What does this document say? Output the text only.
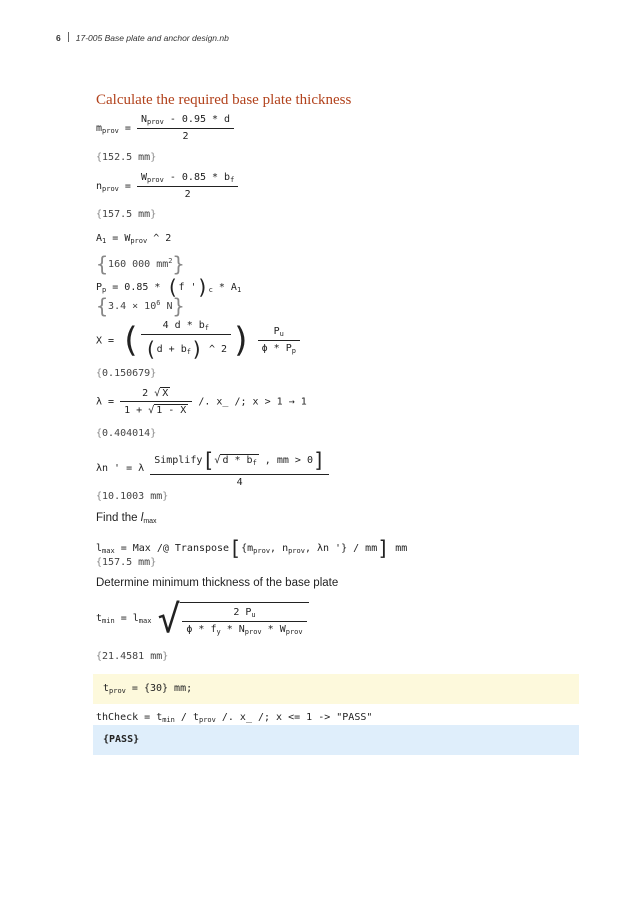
6 17-005 Base plate and anchor design.nb
Calculate the required base plate thickness
$m_{prov} = \frac{N_{prov} - 0.95 * d}{2}$
{152.5 mm}
$n_{prov} = \frac{W_{prov} - 0.85 * b_f}{2}$
{157.5 mm}
$A_1 = W_{prov}$ ^ 2
{160 000 $mm^2$}
$P_p = 0.85 * (f$ ')$_c * A_1$
{$3.4 \times 10^6$ N}
X = ( $\frac{4 d * b_f}{(d + b_f) \^{} 2}$ ) $\frac{P_u}{\phi * P_p}$
{0.150679}
$\lambda = \frac{2 √ X}{1 + √ 1 - X}$ /. x_ /; x > 1 → 1
{0.404014}
λn ' = λ $\frac{Simplify[√ d * b_f , mm > 0]}{4}$
{10.1003 mm}
Find the $l_{max}$
$l_{max}$ = Max /@ $Transpose[\{m_{prov}$, $n_{prov}$, λn '} / mm] mm
{157.5 mm}
Determine minimum thickness of the base plate
$t_{min} = l_{max}$ √ $\frac{2 P_u}{\phi * f_y * N_{prov} * W_{prov}}$
{21.4581 mm}
$t_{prov} = \{30\}$ mm;
thCheck = $t_{min} / t_{prov}$ /. x_ /; x <= 1 -> "PASS"
{PASS}
